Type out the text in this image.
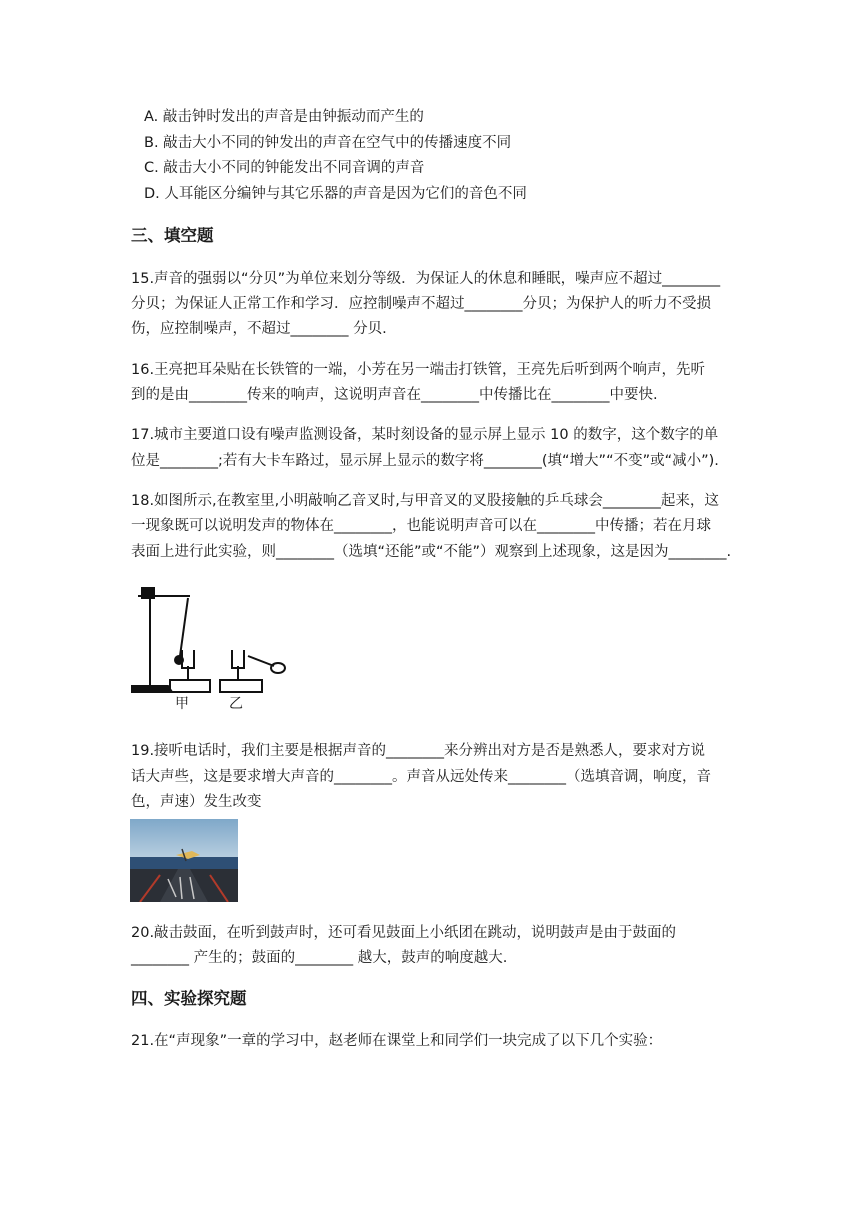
A. 敲击钟时发出的声音是由钟振动而产生的
B. 敲击大小不同的钟发出的声音在空气中的传播速度不同
C. 敲击大小不同的钟能发出不同音调的声音
D. 人耳能区分编钟与其它乐器的声音是因为它们的音色不同
三、填空题
15.声音的强弱以“分贝”为单位来划分等级．为保证人的休息和睡眠，噪声应不超过________
分贝；为保证人正常工作和学习．应控制噪声不超过________分贝；为保护人的听力不受损
伤，应控制噪声，不超过________ 分贝.
16.王亮把耳朵贴在长铁管的一端，小芳在另一端击打铁管，王亮先后听到两个响声，先听
到的是由________传来的响声，这说明声音在________中传播比在________中要快.
17.城市主要道口设有噪声监测设备，某时刻设备的显示屏上显示 10 的数字，这个数字的单
位是________;若有大卡车路过，显示屏上显示的数字将________(填“增大”“不变”或“减小”).
18.如图所示,在教室里,小明敲响乙音叉时,与甲音叉的叉股接触的乒乓球会________起来，这
一现象既可以说明发声的物体在________，也能说明声音可以在________中传播；若在月球
表面上进行此实验，则________（选填“还能”或“不能”）观察到上述现象，这是因为________.
甲	乙
19.接听电话时，我们主要是根据声音的________来分辨出对方是否是熟悉人，要求对方说
话大声些，这是要求增大声音的________。声音从远处传来________（选填音调，响度，音
色，声速）发生改变
20.敲击鼓面，在听到鼓声时，还可看见鼓面上小纸团在跳动，说明鼓声是由于鼓面的
________ 产生的；鼓面的________ 越大，鼓声的响度越大.
四、实验探究题
21.在“声现象”一章的学习中，赵老师在课堂上和同学们一块完成了以下几个实验：
